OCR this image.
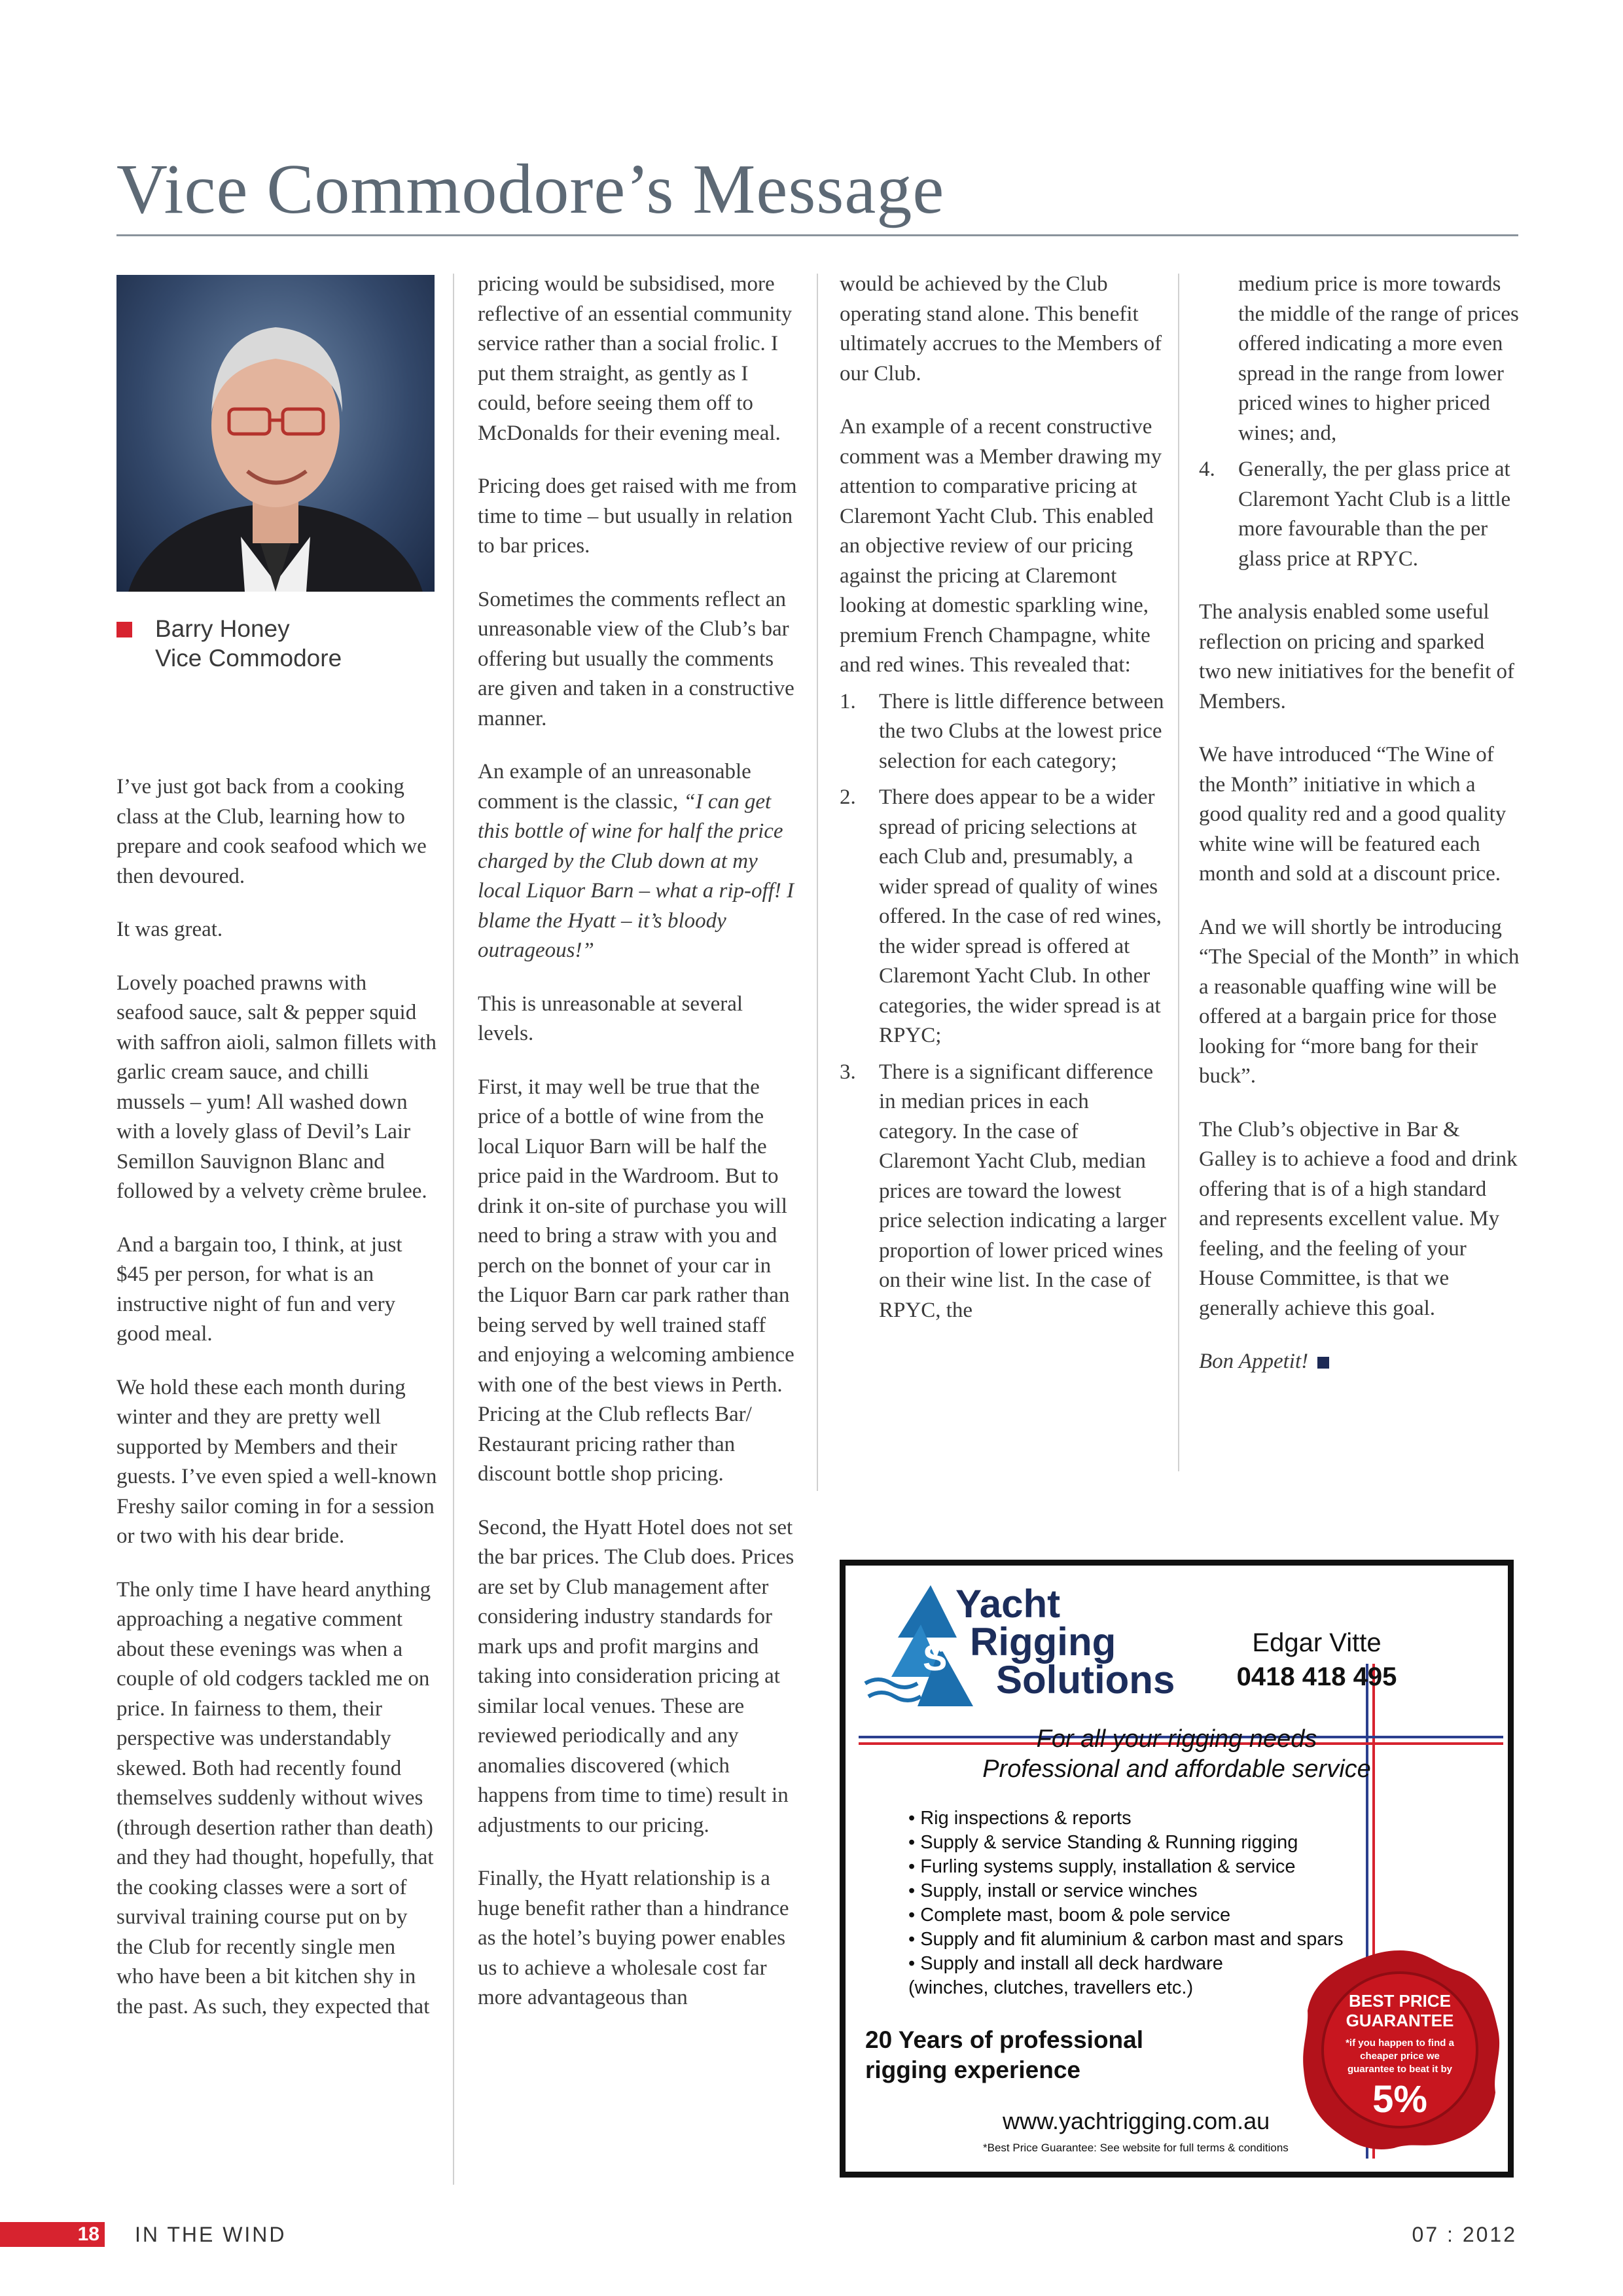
Vice Commodore’s Message
Barry Honey
Vice Commodore

I’ve just got back from a cooking class at the Club, learning how to prepare and cook seafood which we then devoured.

It was great.

Lovely poached prawns with seafood sauce, salt & pepper squid with saffron aioli, salmon fillets with garlic cream sauce, and chilli mussels – yum! All washed down with a lovely glass of Devil’s Lair Semillon Sauvignon Blanc and followed by a velvety crème brulee.

And a bargain too, I think, at just $45 per person, for what is an instructive night of fun and very good meal.

We hold these each month during winter and they are pretty well supported by Members and their guests. I’ve even spied a well-known Freshy sailor coming in for a session or two with his dear bride.

The only time I have heard anything approaching a negative comment about these evenings was when a couple of old codgers tackled me on price. In fairness to them, their perspective was understandably skewed. Both had recently found themselves suddenly without wives (through desertion rather than death) and they had thought, hopefully, that the cooking classes were a sort of survival training course put on by the Club for recently single men who have been a bit kitchen shy in the past. As such, they expected that

pricing would be subsidised, more reflective of an essential community service rather than a social frolic. I put them straight, as gently as I could, before seeing them off to McDonalds for their evening meal.

Pricing does get raised with me from time to time – but usually in relation to bar prices.

Sometimes the comments reflect an unreasonable view of the Club’s bar offering but usually the comments are given and taken in a constructive manner.

An example of an unreasonable comment is the classic, “I can get this bottle of wine for half the price charged by the Club down at my local Liquor Barn – what a rip-off! I blame the Hyatt – it’s bloody outrageous!”

This is unreasonable at several levels.

First, it may well be true that the price of a bottle of wine from the local Liquor Barn will be half the price paid in the Wardroom. But to drink it on-site of purchase you will need to bring a straw with you and perch on the bonnet of your car in the Liquor Barn car park rather than being served by well trained staff and enjoying a welcoming ambience with one of the best views in Perth. Pricing at the Club reflects Bar/ Restaurant pricing rather than discount bottle shop pricing.

Second, the Hyatt Hotel does not set the bar prices. The Club does. Prices are set by Club management after considering industry standards for mark ups and profit margins and taking into consideration pricing at similar local venues. These are reviewed periodically and any anomalies discovered (which happens from time to time) result in adjustments to our pricing.

Finally, the Hyatt relationship is a huge benefit rather than a hindrance as the hotel’s buying power enables us to achieve a wholesale cost far more advantageous than

would be achieved by the Club operating stand alone. This benefit ultimately accrues to the Members of our Club.

An example of a recent constructive comment was a Member drawing my attention to comparative pricing at Claremont Yacht Club. This enabled an objective review of our pricing against the pricing at Claremont looking at domestic sparkling wine, premium French Champagne, white and red wines. This revealed that:

1. There is little difference between the two Clubs at the lowest price selection for each category;
2. There does appear to be a wider spread of pricing selections at each Club and, presumably, a wider spread of quality of wines offered. In the case of red wines, the wider spread is offered at Claremont Yacht Club. In other categories, the wider spread is at RPYC;
3. There is a significant difference in median prices in each category. In the case of Claremont Yacht Club, median prices are toward the lowest price selection indicating a larger proportion of lower priced wines on their wine list. In the case of RPYC, the

medium price is more towards the middle of the range of prices offered indicating a more even spread in the range from lower priced wines to higher priced wines; and,

4. Generally, the per glass price at Claremont Yacht Club is a little more favourable than the per glass price at RPYC.

The analysis enabled some useful reflection on pricing and sparked two new initiatives for the benefit of Members.

We have introduced “The Wine of the Month” initiative in which a good quality red and a good quality white wine will be featured each month and sold at a discount price.

And we will shortly be introducing “The Special of the Month” in which a reasonable quaffing wine will be offered at a bargain price for those looking for “more bang for their buck”.

The Club’s objective in Bar & Galley is to achieve a food and drink offering that is of a high standard and represents excellent value. My feeling, and the feeling of your House Committee, is that we generally achieve this goal.

Bon Appetit!

S
Yacht
Rigging
Solutions
Edgar Vitte
0418 418 495
For all your rigging needs
Professional and affordable service
• Rig inspections & reports
• Supply & service Standing & Running rigging
• Furling systems supply, installation & service
• Supply, install or service winches
• Complete mast, boom & pole service
• Supply and fit aluminium & carbon mast and spars
• Supply and install all deck hardware
(winches, clutches, travellers etc.)
20 Years of professional
rigging experience
www.yachtrigging.com.au
*Best Price Guarantee: See website for full terms & conditions
BEST PRICE
GUARANTEE
*if you happen to find a cheaper price we guarantee to beat it by
5%
18 IN THE WIND	07 : 2012
